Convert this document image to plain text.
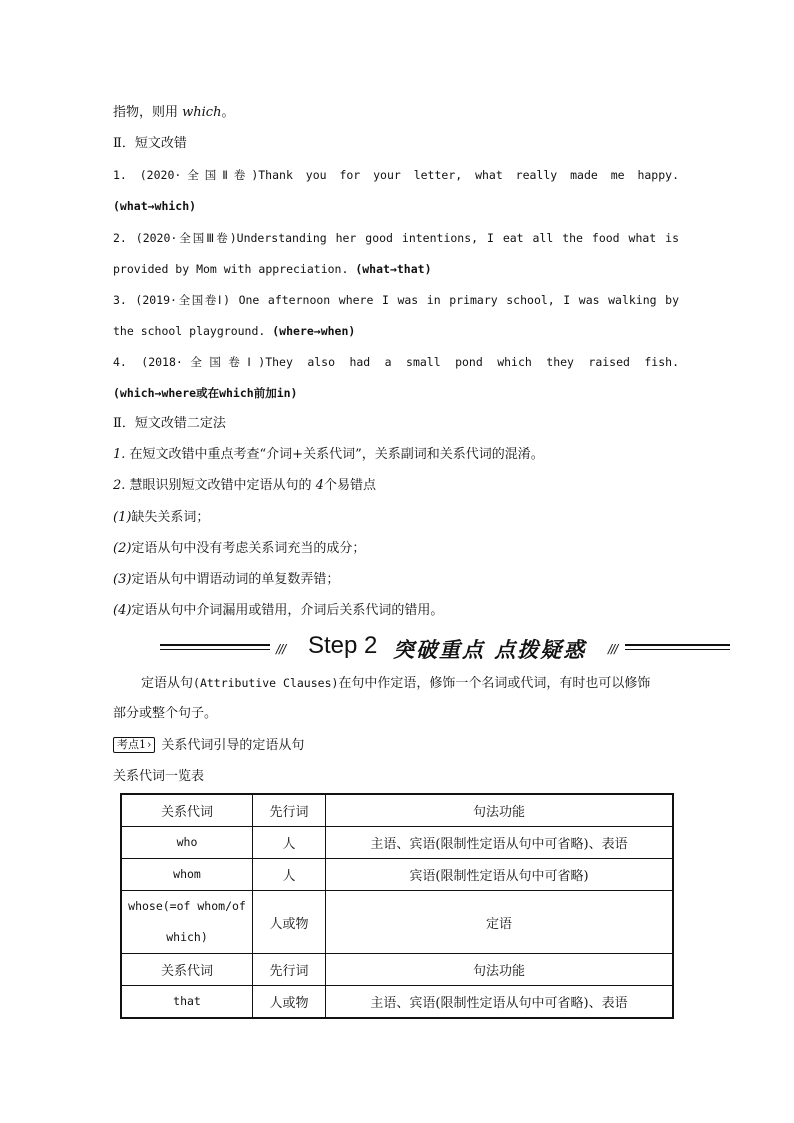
指物，则用 which。
Ⅱ．短文改错
1. (2020·全国Ⅱ卷)Thank you for your letter, what really made me happy.
(what→which)
2. (2020·全国Ⅲ卷)Understanding her good intentions, I eat all the food what is
provided by Mom with appreciation. (what→that)
3. (2019·全国卷Ⅰ) One afternoon where I was in primary school, I was walking by
the school playground. (where→when)
4. (2018·全国卷Ⅰ)They also had a small pond which they raised fish.
(which→where或在which前加in)
Ⅱ．短文改错二定法
1. 在短文改错中重点考查“介词+关系代词”，关系副词和关系代词的混淆。
2. 慧眼识别短文改错中定语从句的 4个易错点
(1)缺失关系词；
(2)定语从句中没有考虑关系词充当的成分；
(3)定语从句中谓语动词的单复数弄错；
(4)定语从句中介词漏用或错用，介词后关系代词的错用。
/// Step 2 突破重点 点拨疑惑 ///
定语从句(Attributive Clauses)在句中作定语，修饰一个名词或代词，有时也可以修饰
部分或整个句子。
考点1 › 关系代词引导的定语从句
关系代词一览表
关系代词	先行词	句法功能
who	人	主语、宾语(限制性定语从句中可省略)、表语
whom	人	宾语(限制性定语从句中可省略)
whose(=of whom/of which)	人或物	定语
关系代词	先行词	句法功能
that	人或物	主语、宾语(限制性定语从句中可省略)、表语
